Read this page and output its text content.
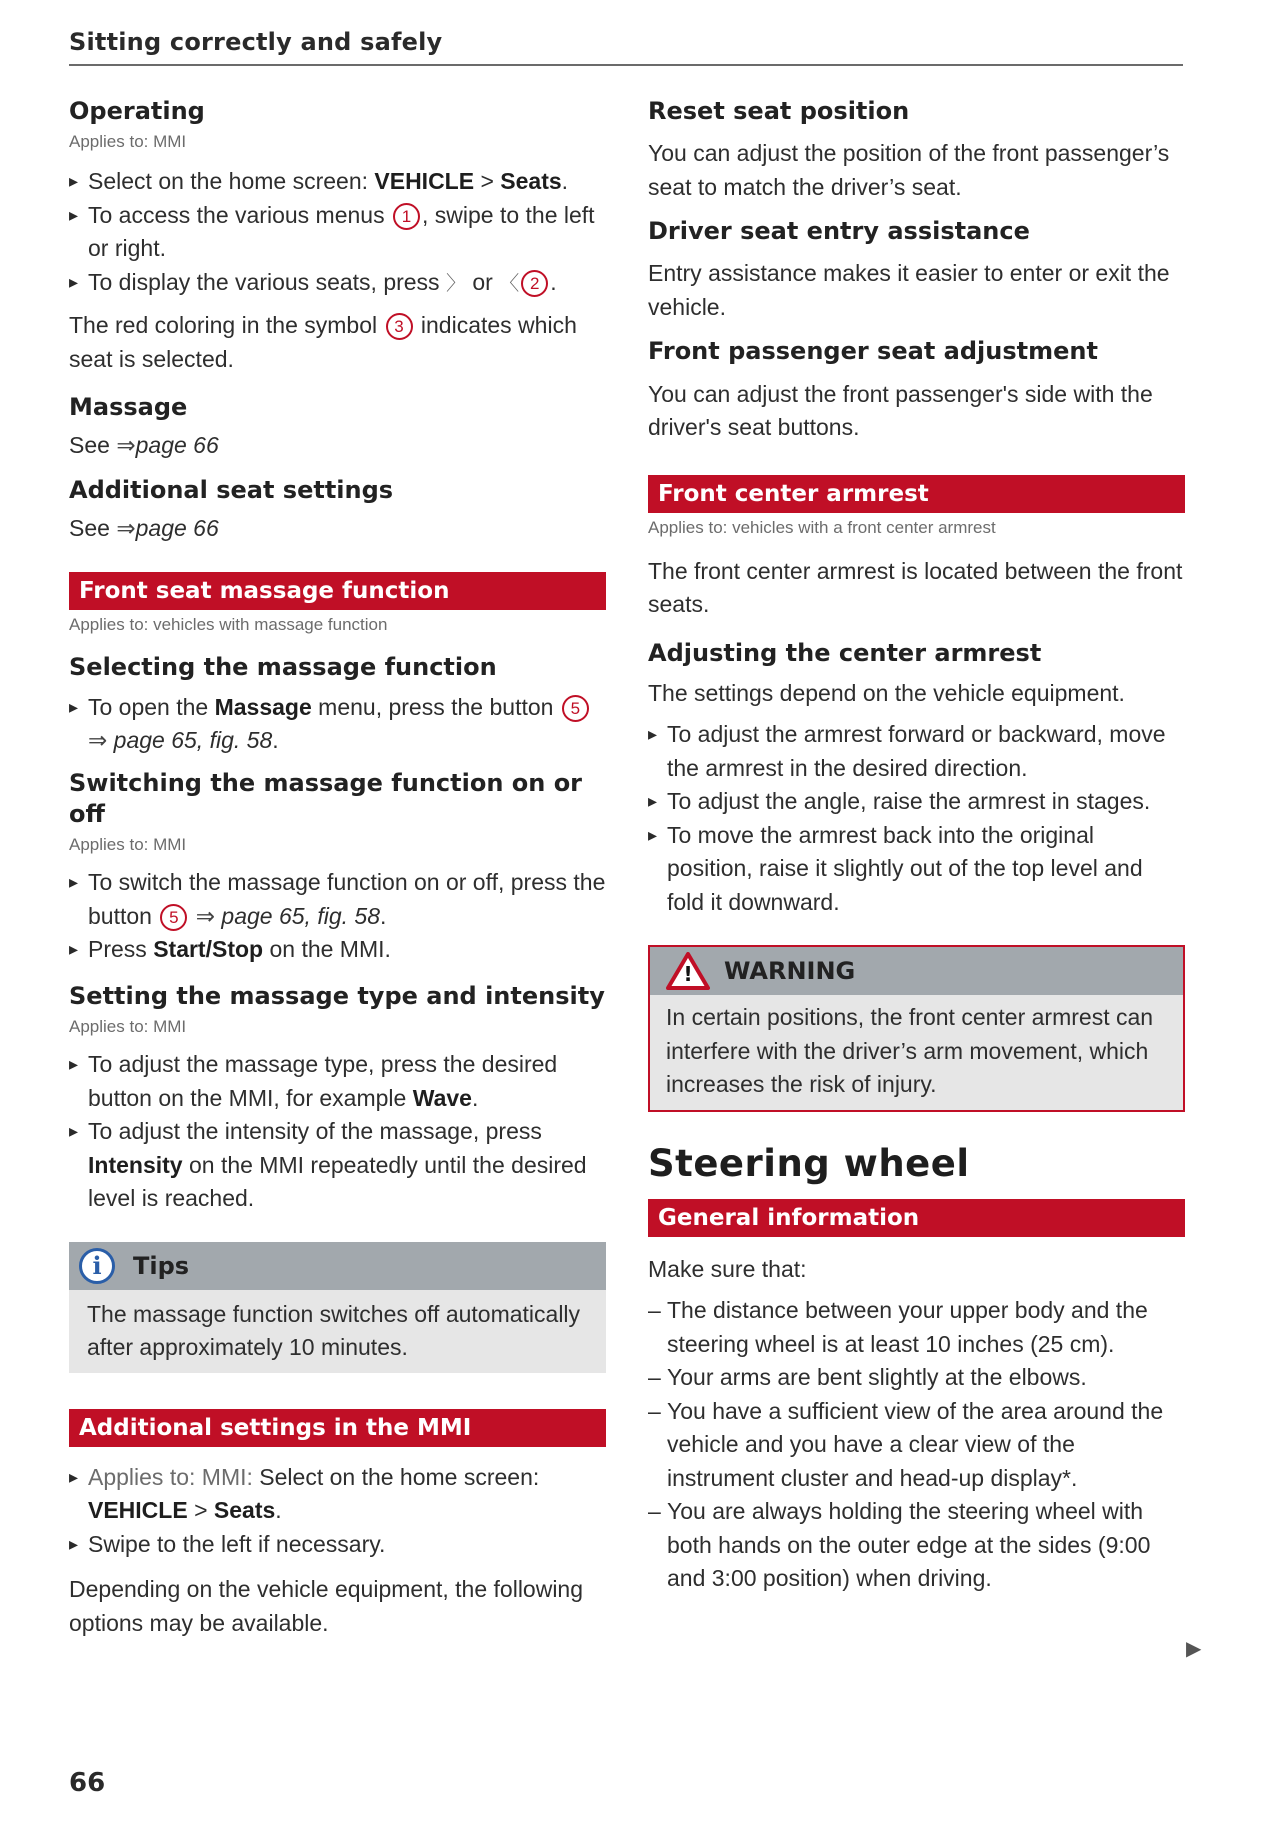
Sitting correctly and safely
Operating
Applies to: MMI
▸ Select on the home screen: VEHICLE > Seats.
▸ To access the various menus 1 , swipe to the left or right.
▸ To display the various seats, press 〉 or 〈 2 .

The red coloring in the symbol 3 indicates which seat is selected.

Massage

See ⇒page 66

Additional seat settings

See ⇒page 66

Front seat massage function
Applies to: vehicles with massage function
Selecting the massage function
▸ To open the Massage menu, press the button 5 ⇒ page 65, fig. 58.
Switching the massage function on or off
Applies to: MMI
▸ To switch the massage function on or off, press the button 5 ⇒ page 65, fig. 58.
▸ Press Start/Stop on the MMI.
Setting the massage type and intensity
Applies to: MMI
▸ To adjust the massage type, press the desired button on the MMI, for example Wave.
▸ To adjust the intensity of the massage, press Intensity on the MMI repeatedly until the desired level is reached.
i	Tips

The massage function switches off automatically after approximately 10 minutes.

Additional settings in the MMI
▸ Applies to: MMI: Select on the home screen: VEHICLE > Seats.
▸ Swipe to the left if necessary.

Depending on the vehicle equipment, the following options may be available.

Reset seat position

You can adjust the position of the front passenger’s seat to match the driver’s seat.

Driver seat entry assistance

Entry assistance makes it easier to enter or exit the vehicle.

Front passenger seat adjustment

You can adjust the front passenger's side with the driver's seat buttons.

Front center armrest
Applies to: vehicles with a front center armrest

The front center armrest is located between the front seats.

Adjusting the center armrest

The settings depend on the vehicle equipment.

▸ To adjust the armrest forward or backward, move the armrest in the desired direction.
▸ To adjust the angle, raise the armrest in stages.
▸ To move the armrest back into the original position, raise it slightly out of the top level and fold it downward.
!	WARNING

In certain positions, the front center armrest can interfere with the driver’s arm movement, which increases the risk of injury.

Steering wheel
General information

Make sure that:

– The distance between your upper body and the steering wheel is at least 10 inches (25 cm).
– Your arms are bent slightly at the elbows.
– You have a sufficient view of the area around the vehicle and you have a clear view of the instrument cluster and head-up display*.
– You are always holding the steering wheel with both hands on the outer edge at the sides (9:00 and 3:00 position) when driving.
▶
66
